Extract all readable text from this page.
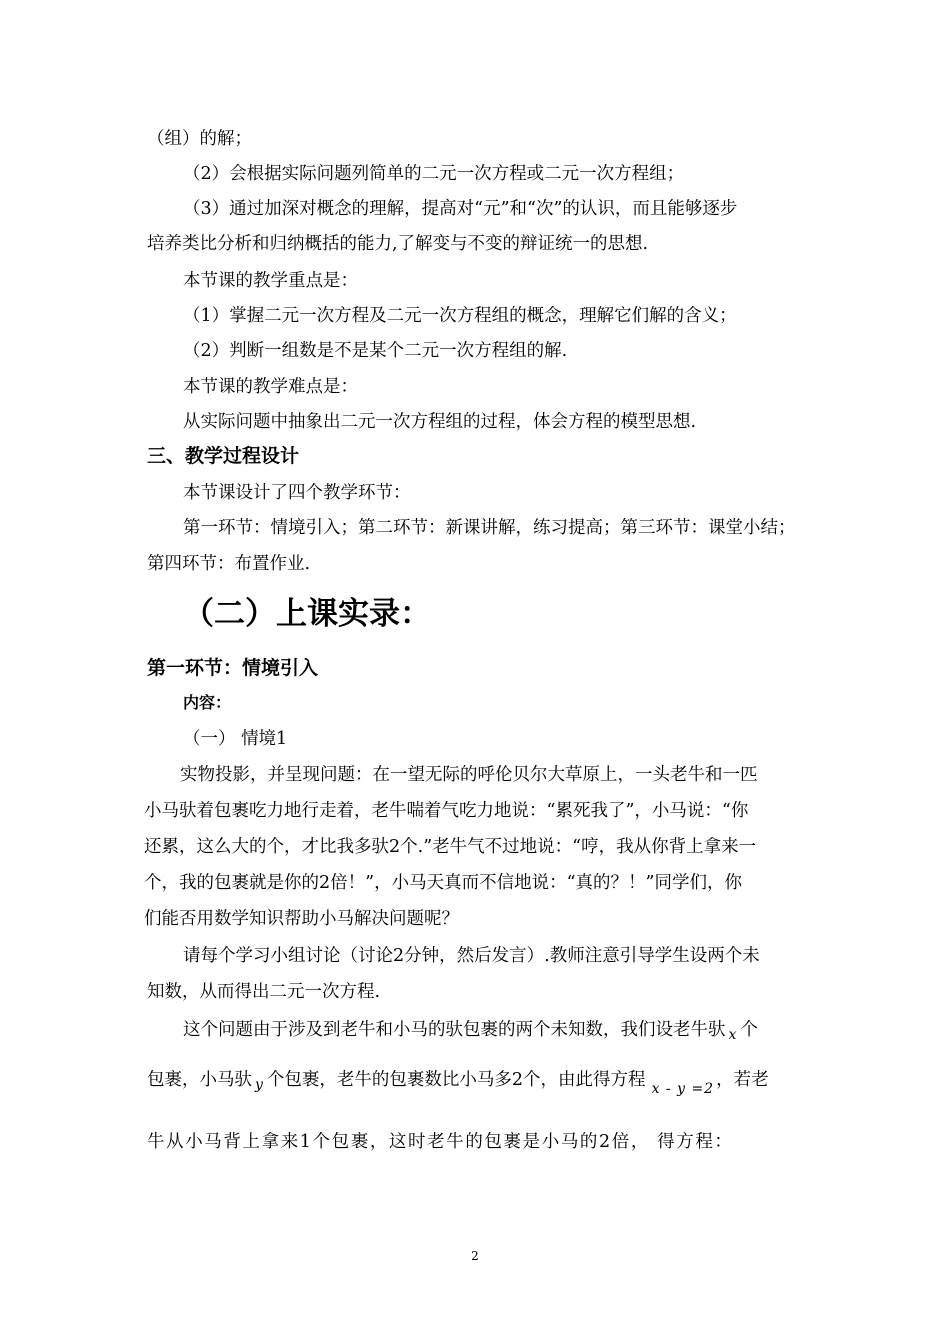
（组）的解；
（2）会根据实际问题列简单的二元一次方程或二元一次方程组；
（3）通过加深对概念的理解，提高对“元”和“次”的认识，而且能够逐步
培养类比分析和归纳概括的能力,了解变与不变的辩证统一的思想.
本节课的教学重点是：
（1）掌握二元一次方程及二元一次方程组的概念，理解它们解的含义；
（2）判断一组数是不是某个二元一次方程组的解.
本节课的教学难点是：
从实际问题中抽象出二元一次方程组的过程，体会方程的模型思想.
三、教学过程设计
本节课设计了四个教学环节：
第一环节：情境引入；第二环节：新课讲解，练习提高；第三环节：课堂小结；
第四环节：布置作业.
（二）上课实录：
第一环节：情境引入
内容：
（一） 情境1
实物投影，并呈现问题：在一望无际的呼伦贝尔大草原上，一头老牛和一匹
小马驮着包裹吃力地行走着，老牛喘着气吃力地说：“累死我了”，小马说：“你
还累，这么大的个，才比我多驮2个.”老牛气不过地说：“哼，我从你背上拿来一
个，我的包裹就是你的2倍！”，小马天真而不信地说：“真的？！”同学们，你
们能否用数学知识帮助小马解决问题呢？
请每个学习小组讨论（讨论2分钟，然后发言）.教师注意引导学生设两个未
知数，从而得出二元一次方程.
这个问题由于涉及到老牛和小马的驮包裹的两个未知数，我们设老牛驮 $_x$ 个
包裹，小马驮 $_y$ 个包裹，老牛的包裹数比小马多2个，由此得方程 $_{x - y =2}$ ，若老
牛从小马背上拿来1个包裹，这时老牛的包裹是小马的2倍， 得方程：
2
